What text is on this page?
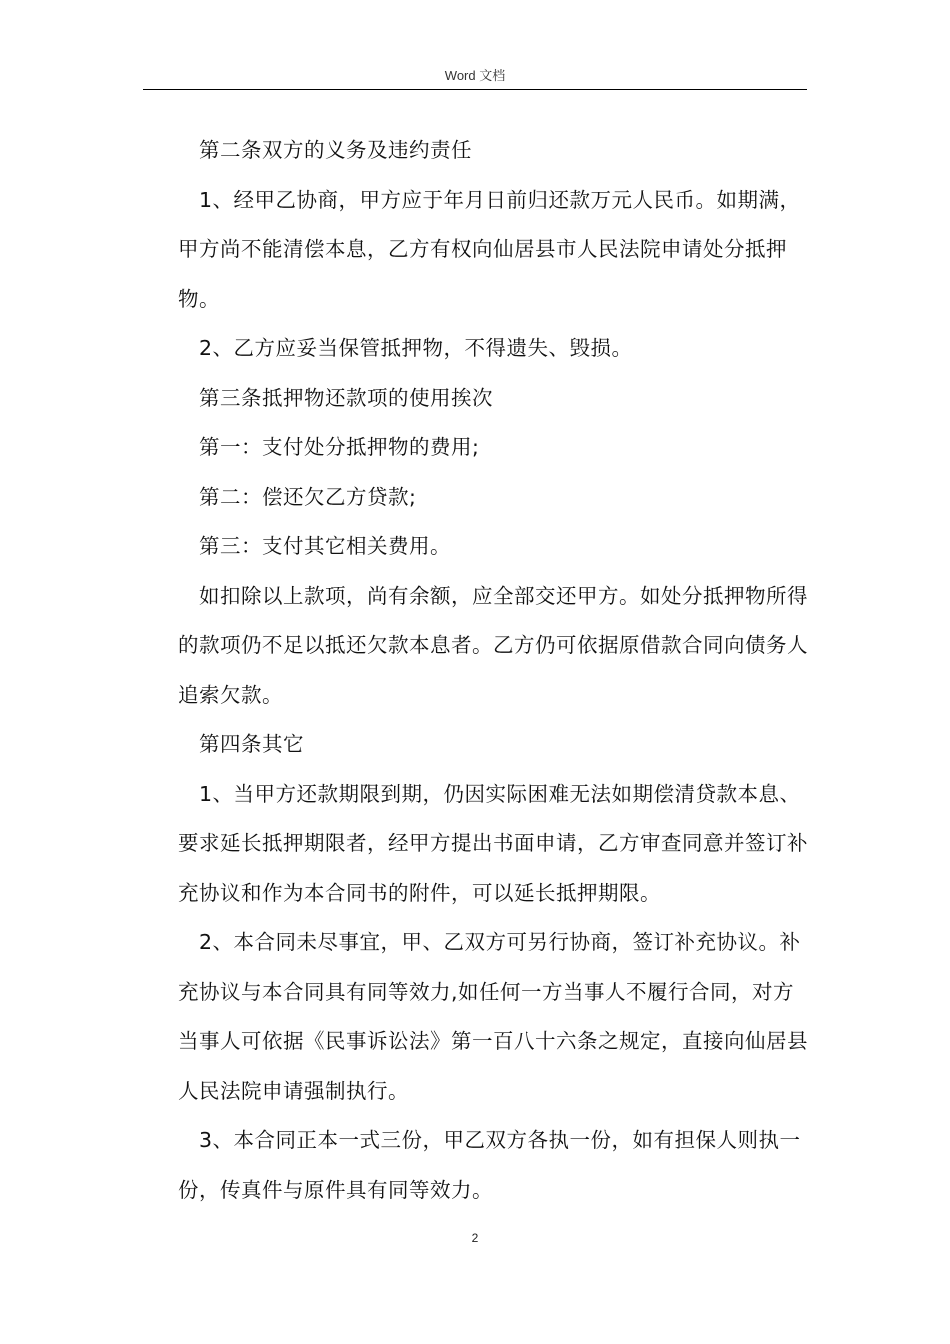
Word 文档

第二条双方的义务及违约责任

1、经甲乙协商，甲方应于年月日前归还款万元人民币。如期满，甲方尚不能清偿本息，乙方有权向仙居县市人民法院申请处分抵押物。

2、乙方应妥当保管抵押物，不得遗失、毁损。

第三条抵押物还款项的使用挨次

第一：支付处分抵押物的费用;

第二：偿还欠乙方贷款;

第三：支付其它相关费用。

如扣除以上款项，尚有余额，应全部交还甲方。如处分抵押物所得的款项仍不足以抵还欠款本息者。乙方仍可依据原借款合同向债务人追索欠款。

第四条其它

1、当甲方还款期限到期，仍因实际困难无法如期偿清贷款本息、要求延长抵押期限者，经甲方提出书面申请，乙方审查同意并签订补充协议和作为本合同书的附件，可以延长抵押期限。

2、本合同未尽事宜，甲、乙双方可另行协商，签订补充协议。补充协议与本合同具有同等效力,如任何一方当事人不履行合同，对方当事人可依据《民事诉讼法》第一百八十六条之规定，直接向仙居县人民法院申请强制执行。

3、本合同正本一式三份，甲乙双方各执一份，如有担保人则执一份，传真件与原件具有同等效力。

2
